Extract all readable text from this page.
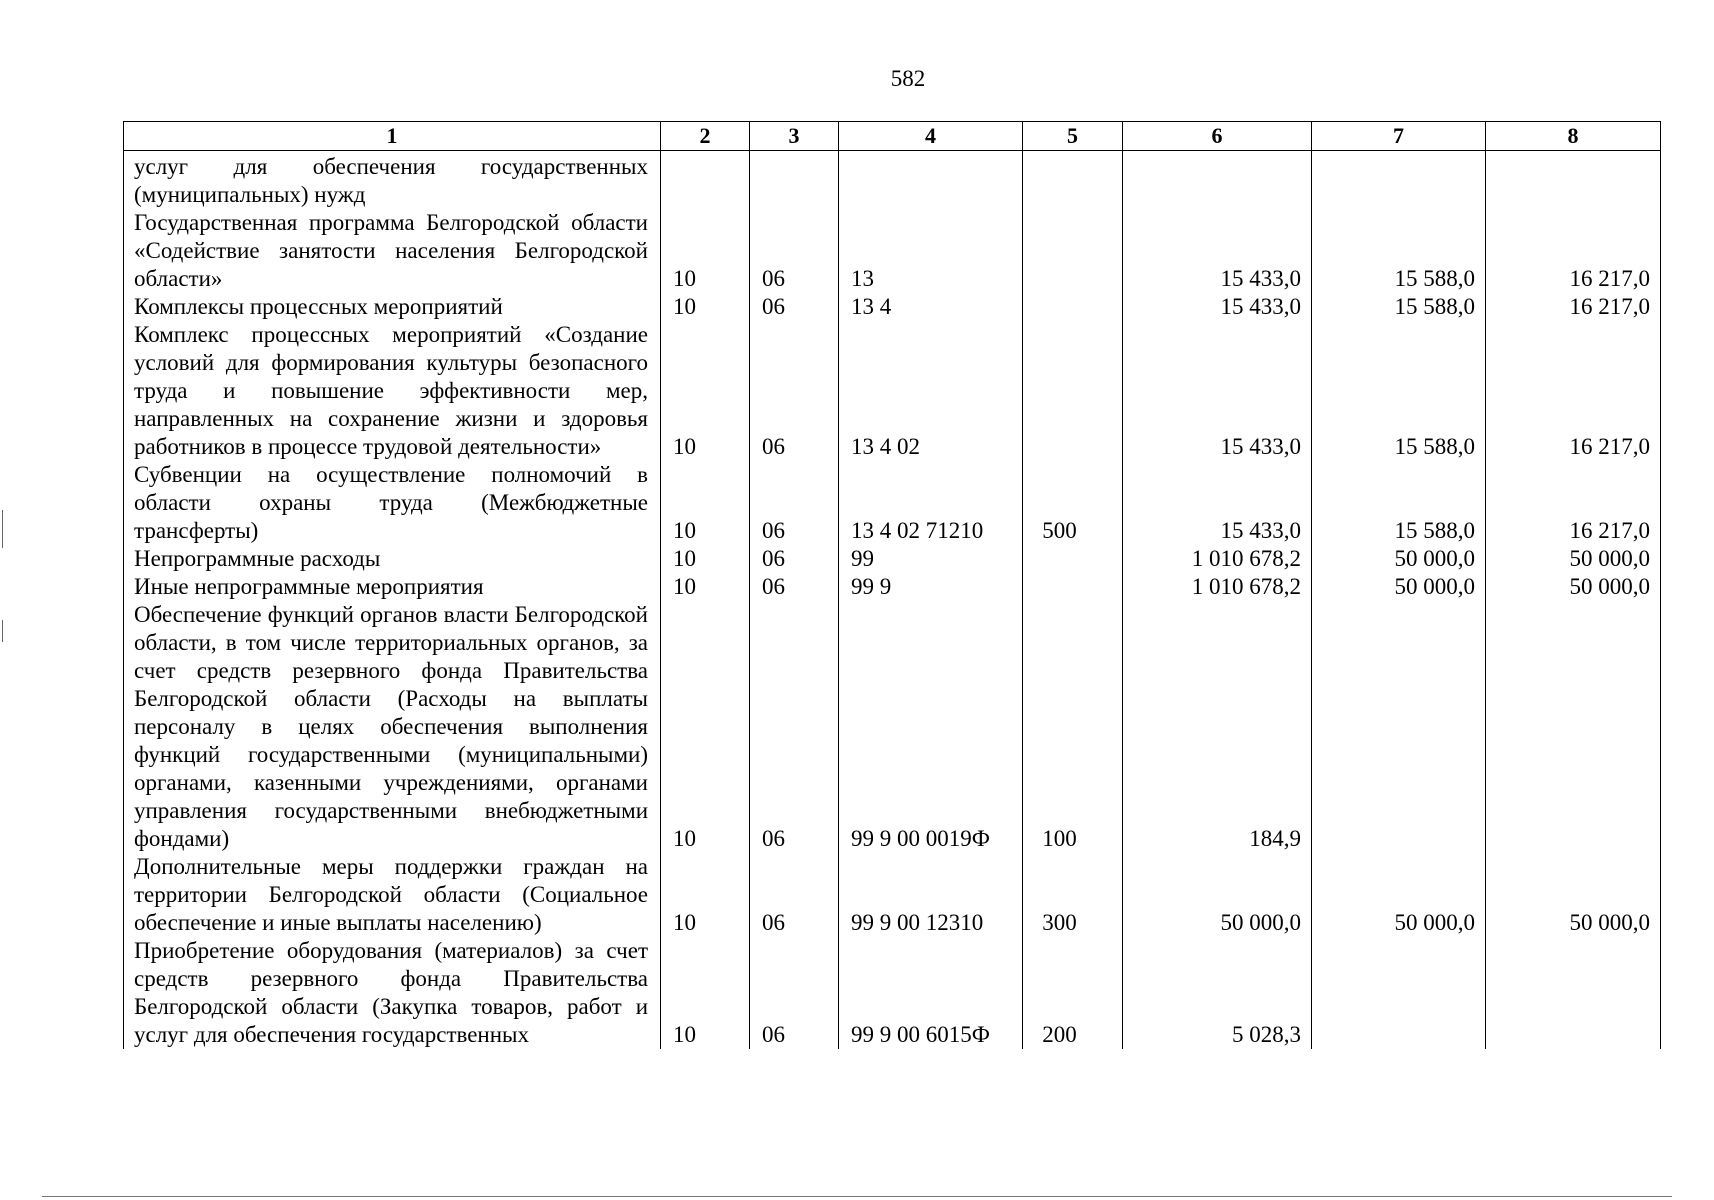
582
1	2	3	4	5	6	7	8
услуг для обеспечения государственных (муниципальных) нужд							
Государственная программа Белгородской области «Содействие занятости населения Белгородской области»	10	06	13		15 433,0	15 588,0	16 217,0
Комплексы процессных мероприятий	10	06	13 4		15 433,0	15 588,0	16 217,0
Комплекс процессных мероприятий «Создание условий для формирования культуры безопасного труда и повышение эффективности мер, направленных на сохранение жизни и здоровья работников в процессе трудовой деятельности»	10	06	13 4 02		15 433,0	15 588,0	16 217,0
Субвенции на осуществление полномочий в области охраны труда (Межбюджетные трансферты)	10	06	13 4 02 71210	500	15 433,0	15 588,0	16 217,0
Непрограммные расходы	10	06	99		1 010 678,2	50 000,0	50 000,0
Иные непрограммные мероприятия	10	06	99 9		1 010 678,2	50 000,0	50 000,0
Обеспечение функций органов власти Белгородской области, в том числе территориальных органов, за счет средств резервного фонда Правительства Белгородской области (Расходы на выплаты персоналу в целях обеспечения выполнения функций государственными (муниципальными) органами, казенными учреждениями, органами управления государственными внебюджетными фондами)	10	06	99 9 00 0019Ф	100	184,9		
Дополнительные меры поддержки граждан на территории Белгородской области (Социальное обеспечение и иные выплаты населению)	10	06	99 9 00 12310	300	50 000,0	50 000,0	50 000,0
Приобретение оборудования (материалов) за счет средств резервного фонда Правительства Белгородской области (Закупка товаров, работ и услуг для обеспечения государственных	10	06	99 9 00 6015Ф	200	5 028,3		
